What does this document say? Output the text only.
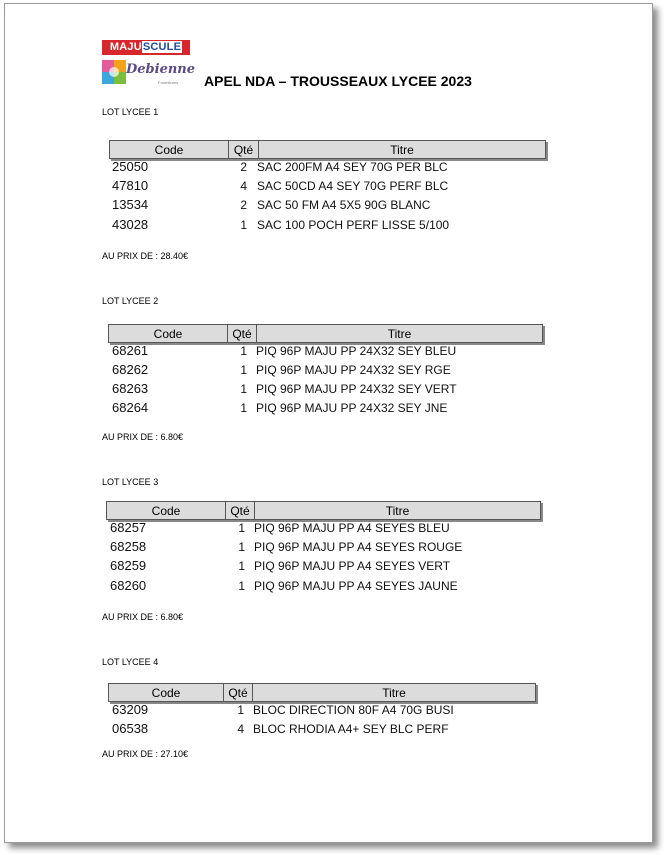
MAJUSCULE
Debienne
Fournitures APEL NDA – TROUSSEAUX LYCEE 2023
LOT LYCEE 1
Code	Qté	Titre
25050	2 SAC 200FM A4 SEY 70G PER BLC
47810	4 SAC 50CD A4 SEY 70G PERF BLC
13534	2 SAC 50 FM A4 5X5 90G BLANC
43028	1 SAC 100 POCH PERF LISSE 5/100
AU PRIX DE : 28.40€
LOT LYCEE 2
Code	Qté	Titre
68261	1 PIQ 96P MAJU PP 24X32 SEY BLEU
68262	1 PIQ 96P MAJU PP 24X32 SEY RGE
68263	1 PIQ 96P MAJU PP 24X32 SEY VERT
68264	1 PIQ 96P MAJU PP 24X32 SEY JNE
AU PRIX DE : 6.80€
LOT LYCEE 3
Code	Qté	Titre
68257	1 PIQ 96P MAJU PP A4 SEYES BLEU
68258	1 PIQ 96P MAJU PP A4 SEYES ROUGE
68259	1 PIQ 96P MAJU PP A4 SEYES VERT
68260	1 PIQ 96P MAJU PP A4 SEYES JAUNE
AU PRIX DE : 6.80€
LOT LYCEE 4
Code	Qté	Titre
63209	1 BLOC DIRECTION 80F A4 70G BUSI
06538	4 BLOC RHODIA A4+ SEY BLC PERF
AU PRIX DE : 27.10€
